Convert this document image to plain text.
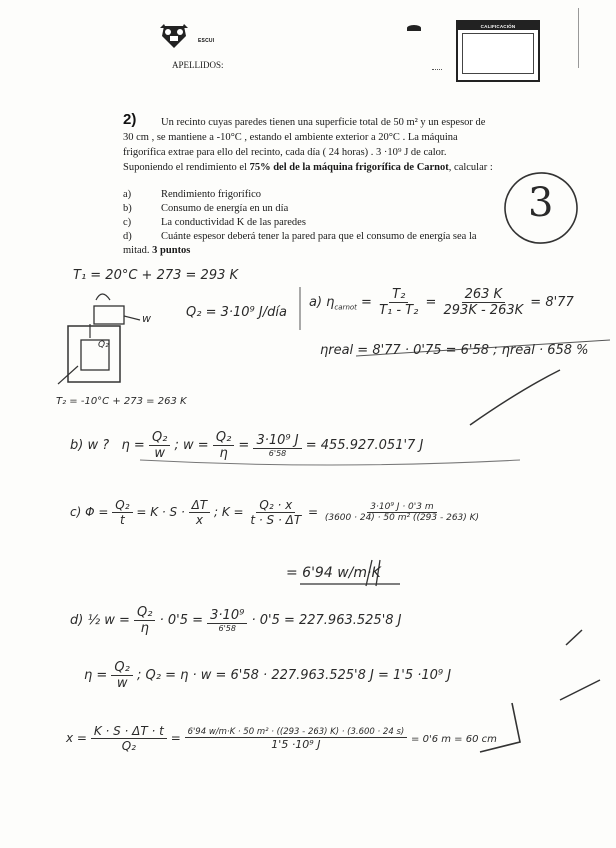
ESCUI
APELLIDOS:
CALIFICACIÓN
2) Un recinto cuyas paredes tienen una superficie total de 50 m² y un espesor de
30 cm , se mantiene a -10°C , estando el ambiente exterior a 20°C . La máquina
frigorífica extrae para ello del recinto, cada día ( 24 horas) . 3 ·10⁹ J de calor.
Suponiendo el rendimiento el 75% del de la máquina frigorífica de Carnot, calcular :
a)	Rendimiento frigorífico
b)	Consumo de energía en un día
c)	La conductividad K de las paredes
d)	Cuánte espesor deberá tener la pared para que el consumo de energía sea la
mitad. 3 puntos
3
T₁ = 20°C + 273 = 293 K
w
Q₂
Q₂ = 3·10⁹ J/día
T₂ = -10°C + 273 = 263 K
a) $\eta_{carnot} = \frac{\text{T₂}}{\text{T₁ - T₂}} = \frac{263 K}{293K - 263K} = 8'77$
ηreal = 8'77 · 0'75 = 6'58 ; ηreal · 658 %
b) w ? $\eta = \frac{\text{Q₂}}{w}$ ; $w = \frac{\text{Q₂}}{\eta} = \frac{\text{3·10⁹ J}}{6'58} = 455.927.051'7$ J
c) $\Phi = \frac{\text{Q₂}}{t} = K \cdot S \cdot \frac{\Delta T}{x}$ ; $K = \frac{\text{Q₂ · x}}{t \cdot S \cdot \Delta T} = \frac{\text{3·10⁹ J · 0'3 m}}{\text{(3600 · 24) · 50 m² ((293 - 263) K)}}$
= 6'94 w/m·K
d) ½ $w = \frac{\text{Q₂}}{\eta} \cdot 0'5 = \frac{\text{3·10⁹}}{6'58} \cdot 0'5 = 227.963.525'8$ J
$\eta = \frac{\text{Q₂}}{w}$ ; Q₂ = η · w = 6'58 · 227.963.525'8 J = 1'5 ·10⁹ J
$x = \frac{K \cdot S \cdot \Delta T \cdot t}{\text{Q₂}} = \frac{\text{6'94 w/m·K · 50 m² · ((293 - 263) K) · (3.600 · 24 s)}}{\text{1'5 ·10⁹ J}} = 0'6$ m = 60 cm
